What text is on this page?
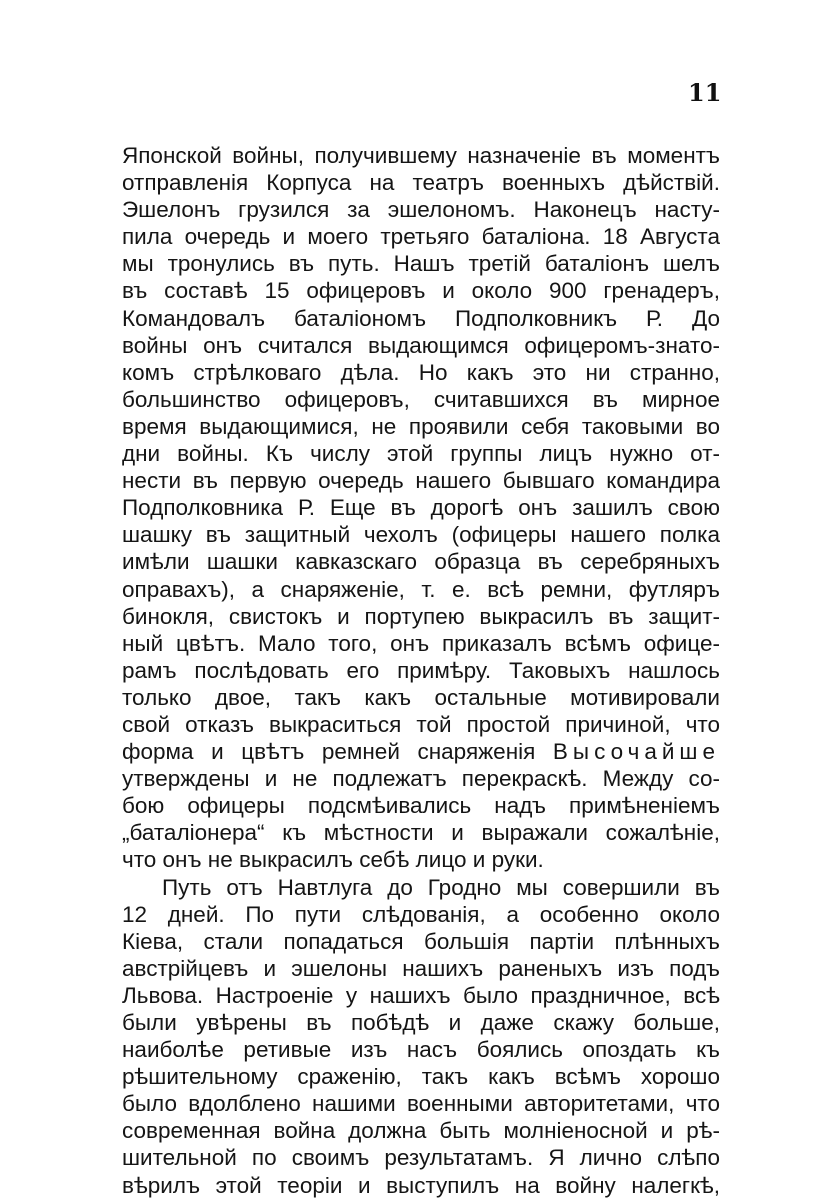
11
Японской войны, получившему назначеніе въ моментъ
отправленія Корпуса на театръ военныхъ дѣйствій.
Эшелонъ грузился за эшелономъ. Наконецъ насту-
пила очередь и моего третьяго баталіона. 18 Августа
мы тронулись въ путь. Нашъ третій баталіонъ шелъ
въ составѣ 15 офицеровъ и около 900 гренадеръ,
Командовалъ баталіономъ Подполковникъ Р. До
войны онъ считался выдающимся офицеромъ-знато-
комъ стрѣлковаго дѣла. Но какъ это ни странно,
большинство офицеровъ, считавшихся въ мирное
время выдающимися, не проявили себя таковыми во
дни войны. Къ числу этой группы лицъ нужно от-
нести въ первую очередь нашего бывшаго командира
Подполковника Р. Еще въ дорогѣ онъ зашилъ свою
шашку въ защитный чехолъ (офицеры нашего полка
имѣли шашки кавказскаго образца въ серебряныхъ
оправахъ), а снаряженіе, т. е. всѣ ремни, футляръ
бинокля, свистокъ и портупею выкрасилъ въ защит-
ный цвѣтъ. Мало того, онъ приказалъ всѣмъ офице-
рамъ послѣдовать его примѣру. Таковыхъ нашлось
только двое, такъ какъ остальные мотивировали
свой отказъ выкраситься той простой причиной, что
форма и цвѣтъ ремней снаряженія Высочайше
утверждены и не подлежатъ перекраскѣ. Между со-
бою офицеры подсмѣивались надъ примѣненіемъ
„баталіонера“ къ мѣстности и выражали сожалѣніе,
что онъ не выкрасилъ себѣ лицо и руки.
Путь отъ Навтлуга до Гродно мы совершили въ
12 дней. По пути слѣдованія, а особенно около
Кіева, стали попадаться большія партіи плѣнныхъ
австрійцевъ и эшелоны нашихъ раненыхъ изъ подъ
Львова. Настроеніе у нашихъ было праздничное, всѣ
были увѣрены въ побѣдѣ и даже скажу больше,
наиболѣе ретивые изъ насъ боялись опоздать къ
рѣшительному сраженію, такъ какъ всѣмъ хорошо
было вдолблено нашими военными авторитетами, что
современная война должна быть молніеносной и рѣ-
шительной по своимъ результатамъ. Я лично слѣпо
вѣрилъ этой теоріи и выступилъ на войну налегкѣ,
